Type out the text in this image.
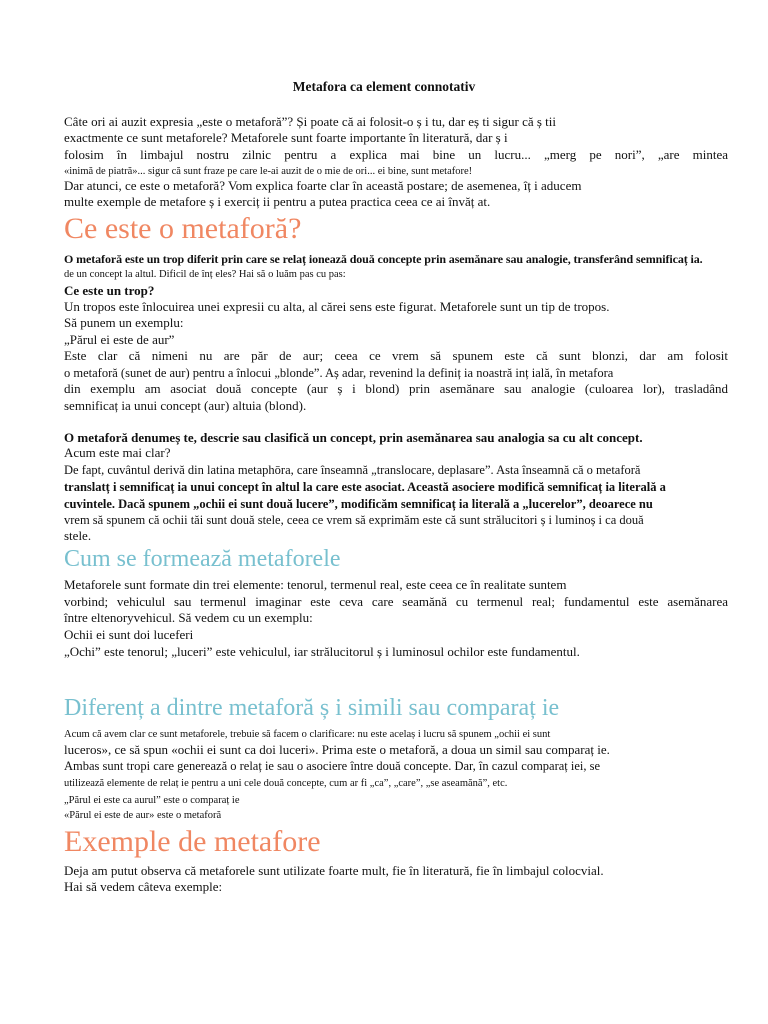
Metafora ca element connotativ
Câte ori ai auzit expresia „este o metaforă”? Și poate că ai folosit-o ș i tu, dar eș ti sigur că ș tii
exactmente ce sunt metaforele? Metaforele sunt foarte importante în literatură, dar ș i
folosim în limbajul nostru zilnic pentru a explica mai bine un lucru... „merg pe nori”, „are mintea
«inimă de piatră»... sigur că sunt fraze pe care le-ai auzit de o mie de ori... ei bine, sunt metafore!
Dar atunci, ce este o metaforă? Vom explica foarte clar în această postare; de asemenea, îț i aducem
multe exemple de metafore ș i exerciț ii pentru a putea practica ceea ce ai învăț at.
Ce este o metaforă?
O metaforă este un trop diferit prin care se relaț ionează două concepte prin asemănare sau analogie, transferând semnificaț ia.
de un concept la altul. Dificil de înț eles? Hai să o luăm pas cu pas:
Ce este un trop?
Un tropos este înlocuirea unei expresii cu alta, al cărei sens este figurat. Metaforele sunt un tip de tropos.
Să punem un exemplu:
„Părul ei este de aur”
Este clar că nimeni nu are păr de aur; ceea ce vrem să spunem este că sunt blonzi, dar am folosit
o metaforă (sunet de aur) pentru a înlocui „blonde”. Aș adar, revenind la definiț ia noastră inț ială, în metafora
din exemplu am asociat două concepte (aur ș i blond) prin asemănare sau analogie (culoarea lor), trasladând
semnificaț ia unui concept (aur) altuia (blond).
O metaforă denumeș te, descrie sau clasifică un concept, prin asemănarea sau analogia sa cu alt concept.
Acum este mai clar?
De fapt, cuvântul derivă din latina metaphōra, care înseamnă „translocare, deplasare”. Asta înseamnă că o metaforă
translatț i semnificaț ia unui concept în altul la care este asociat. Această asociere modifică semnificaț ia literală a
cuvintele. Dacă spunem „ochii ei sunt două lucere”, modificăm semnificaț ia literală a „lucerelor”, deoarece nu
vrem să spunem că ochii tăi sunt două stele, ceea ce vrem să exprimăm este că sunt strălucitori ș i luminoș i ca două
stele.
Cum se formează metaforele
Metaforele sunt formate din trei elemente: tenorul, termenul real, este ceea ce în realitate suntem
vorbind; vehiculul sau termenul imaginar este ceva care seamănă cu termenul real; fundamentul este asemănarea
între eltenoryvehicul. Să vedem cu un exemplu:
Ochii ei sunt doi luceferi
„Ochi” este tenorul; „luceri” este vehiculul, iar strălucitorul ș i luminosul ochilor este fundamentul.
Diferenț a dintre metaforă ș i simili sau comparaț ie
Acum că avem clar ce sunt metaforele, trebuie să facem o clarificare: nu este acelaș i lucru să spunem „ochii ei sunt
luceros», ce să spun «ochii ei sunt ca doi luceri». Prima este o metaforă, a doua un simil sau comparaț ie.
Ambas sunt tropi care generează o relaț ie sau o asociere între două concepte. Dar, în cazul comparaț iei, se
utilizează elemente de relaț ie pentru a uni cele două concepte, cum ar fi „ca”, „care”, „se aseamănă”, etc.
„Părul ei este ca aurul” este o comparaț ie
«Părul ei este de aur» este o metaforă
Exemple de metafore
Deja am putut observa că metaforele sunt utilizate foarte mult, fie în literatură, fie în limbajul colocvial.
Hai să vedem câteva exemple:
